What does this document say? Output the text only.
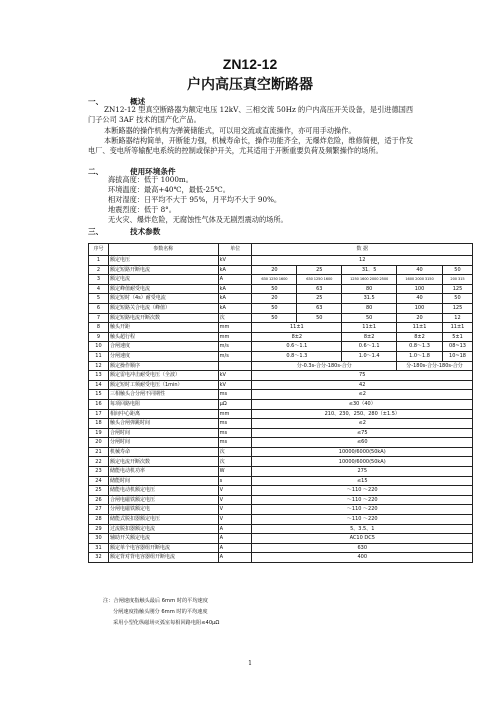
ZN12-12
户内高压真空断路器
一、	概述
ZN12-12 型真空断路器为额定电压 12kV、三相交流 50Hz 的户内高压开关设备，是引进德国西门子公司 3AF 技术的国产化产品。
本断路器的操作机构为弹簧储能式，可以用交流或直流操作，亦可用手动操作。
本断路器结构简单，开断能力强，机械寿命长，操作功能齐全，无爆炸危险，维修简便，适于作发电厂、变电所等输配电系统的控制或保护开关，尤其适用于开断重要负荷及频繁操作的场所。
二、	使用环境条件
海拔高度：低于 1000m。
环境温度：最高+40℃，最低-25℃。
相对湿度：日平均不大于 95%，月平均不大于 90%。
地震烈度：低于 8°。
无火灾、爆炸危险，无腐蚀性气体及无剧烈震动的场所。
三、	技术参数
序号	参数名称	单位	数 据				
1	额定电压	kV	12				
2	额定短路开断电流	kA	20	25	31．5	40	50
3	额定电流	A	630 1250 1600	630 1250 1600	1250 1600 2000 2500	1600 2000 3150	200 315
4	额定峰值耐受电流	kA	50	63	80	100	125
5	额定短时（4s）耐受电流	kA	20	25	31.5	40	50
6	额定短路关合电流（峰值）	kA	50	63	80	100	125
7	额定短路电流开断次数	次	50	50	50	20	12
8	触头开距	mm	11±1		11±1	11±1	11±1
9	触头超行程	mm	8±2		8±2	8±2	5±1
10	合闸速度	m/s	0.6～1.1		0.6～1.1	0.8～1.3	08~13
11	分闸速度	m/s	0.8～1.3		1.0～1.4	1.0～1.8	10~18
12	额定操作顺序		分-0.3s-合分-180s-合分			分-180s-合分-180s-合分	
13	额定雷电冲击耐受电压（全波）	kV	75				
14	额定短时工频耐受电压（1min）	kV	42				
15	三相触头合分闸不同期性	ms	≤2				
16	每项回路电阻	μΩ	≤30（40）				
17	相间中心距离	mm	210、230、250、280（±1.5）				
18	触头合闸弹跳时间	ms	≤2				
19	合闸时间	ms	≤75				
20	分闸时间	ms	≤60				
21	机械寿命	次	10000/6000(50kA)				
22	额定电流开断次数	次	10000/6000(50kA)				
23	储能电动机功率	W	275				
24	储能时间	s	≤15				
25	储能电动机额定电压	V	～110 ～220				
26	合闸电磁铁额定电压	V	～110 ～220				
27	分闸电磁铁额定电	V	～110 ～220				
28	储能式脱扣器额定电压	V	～110 ～220				
29	过流脱扣器额定电流	A	5、3.5、1				
30	辅助开关额定电流	A	AC10 DC5				
31	额定单个电容器组开断电流	A	630				
32	额定背对背电容器组开断电流	A	400				
注：合闸速度指触头最后 6mm 时的平均速度
分闸速度指触头刚分 6mm 时的平均速度
采用小型化纵磁场灭弧室每相回路电阻≤40μΩ
1
